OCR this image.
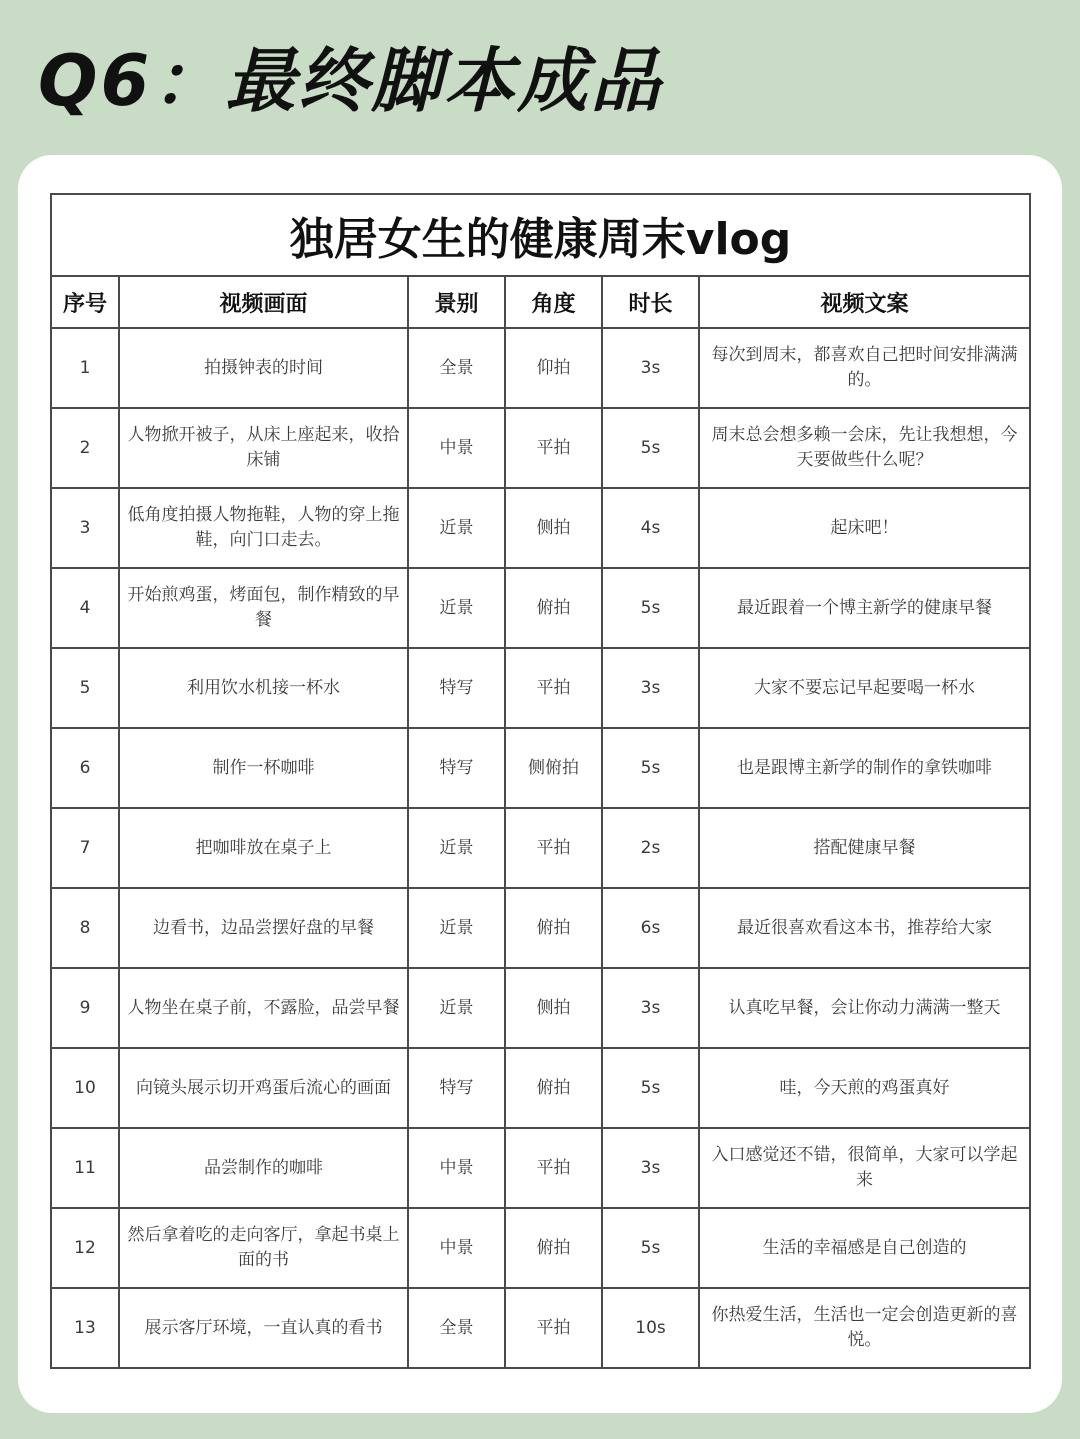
Q6：最终脚本成品
独居女生的健康周末vlog					
序号	视频画面	景别	角度	时长	视频文案
1	拍摄钟表的时间	全景	仰拍	3s	每次到周末，都喜欢自己把时间安排满满的。
2	人物掀开被子，从床上座起来，收拾床铺	中景	平拍	5s	周末总会想多赖一会床，先让我想想，今天要做些什么呢？
3	低角度拍摄人物拖鞋，人物的穿上拖鞋，向门口走去。	近景	侧拍	4s	起床吧！
4	开始煎鸡蛋，烤面包，制作精致的早餐	近景	俯拍	5s	最近跟着一个博主新学的健康早餐
5	利用饮水机接一杯水	特写	平拍	3s	大家不要忘记早起要喝一杯水
6	制作一杯咖啡	特写	侧俯拍	5s	也是跟博主新学的制作的拿铁咖啡
7	把咖啡放在桌子上	近景	平拍	2s	搭配健康早餐
8	边看书，边品尝摆好盘的早餐	近景	俯拍	6s	最近很喜欢看这本书，推荐给大家
9	人物坐在桌子前，不露脸，品尝早餐	近景	侧拍	3s	认真吃早餐，会让你动力满满一整天
10	向镜头展示切开鸡蛋后流心的画面	特写	俯拍	5s	哇，今天煎的鸡蛋真好
11	品尝制作的咖啡	中景	平拍	3s	入口感觉还不错，很简单，大家可以学起来
12	然后拿着吃的走向客厅，拿起书桌上面的书	中景	俯拍	5s	生活的幸福感是自己创造的
13	展示客厅环境，一直认真的看书	全景	平拍	10s	你热爱生活，生活也一定会创造更新的喜悦。
